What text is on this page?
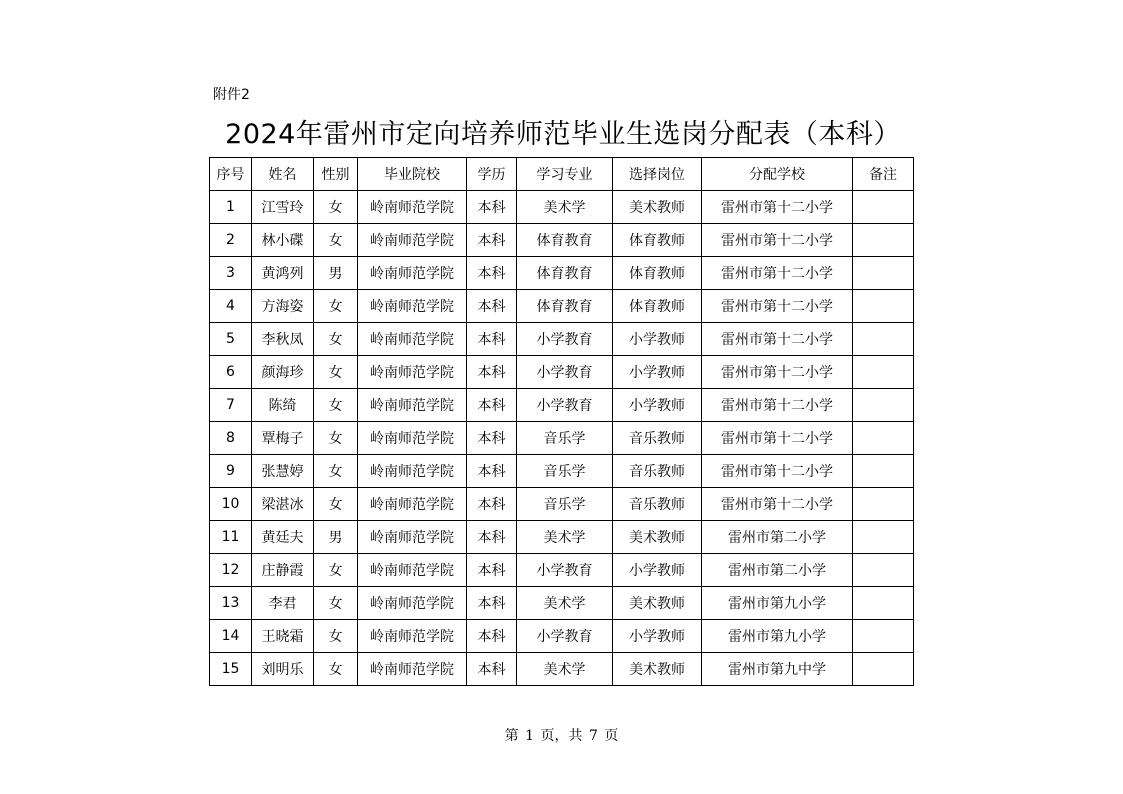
附件2
2024年雷州市定向培养师范毕业生选岗分配表（本科）
序号	姓名	性别	毕业院校	学历	学习专业	选择岗位	分配学校	备注
1	江雪玲	女	岭南师范学院	本科	美术学	美术教师	雷州市第十二小学	
2	林小碟	女	岭南师范学院	本科	体育教育	体育教师	雷州市第十二小学	
3	黄鸿列	男	岭南师范学院	本科	体育教育	体育教师	雷州市第十二小学	
4	方海姿	女	岭南师范学院	本科	体育教育	体育教师	雷州市第十二小学	
5	李秋凤	女	岭南师范学院	本科	小学教育	小学教师	雷州市第十二小学	
6	颜海珍	女	岭南师范学院	本科	小学教育	小学教师	雷州市第十二小学	
7	陈绮	女	岭南师范学院	本科	小学教育	小学教师	雷州市第十二小学	
8	覃梅子	女	岭南师范学院	本科	音乐学	音乐教师	雷州市第十二小学	
9	张慧婷	女	岭南师范学院	本科	音乐学	音乐教师	雷州市第十二小学	
10	梁湛冰	女	岭南师范学院	本科	音乐学	音乐教师	雷州市第十二小学	
11	黄廷夫	男	岭南师范学院	本科	美术学	美术教师	雷州市第二小学	
12	庄静霞	女	岭南师范学院	本科	小学教育	小学教师	雷州市第二小学	
13	李君	女	岭南师范学院	本科	美术学	美术教师	雷州市第九小学	
14	王晓霜	女	岭南师范学院	本科	小学教育	小学教师	雷州市第九小学	
15	刘明乐	女	岭南师范学院	本科	美术学	美术教师	雷州市第九中学	
第 1 页，共 7 页
